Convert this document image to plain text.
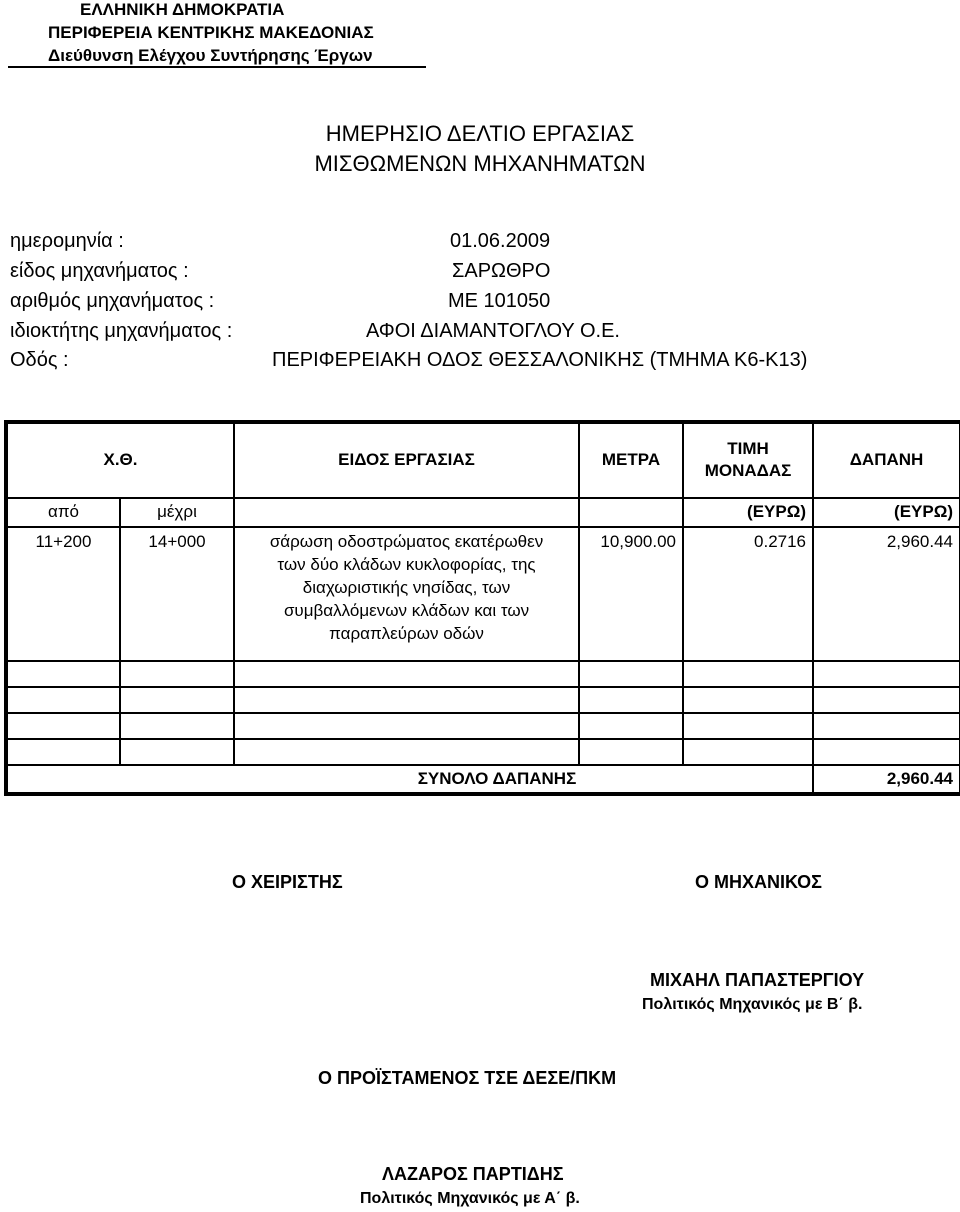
ΕΛΛΗΝΙΚΗ ΔΗΜΟΚΡΑΤΙΑ
ΠΕΡΙΦΕΡΕΙΑ ΚΕΝΤΡΙΚΗΣ ΜΑΚΕΔΟΝΙΑΣ
Διεύθυνση Ελέγχου Συντήρησης Έργων
ΗΜΕΡΗΣΙΟ ΔΕΛΤΙΟ ΕΡΓΑΣΙΑΣ
ΜΙΣΘΩΜΕΝΩΝ ΜΗΧΑΝΗΜΑΤΩΝ
ημερομηνία :	01.06.2009
είδος μηχανήματος :	ΣΑΡΩΘΡΟ
αριθμός μηχανήματος :	ΜΕ 101050
ιδιοκτήτης μηχανήματος :	ΑΦΟΙ ΔΙΑΜΑΝΤΟΓΛΟΥ Ο.Ε.
Οδός :	ΠΕΡΙΦΕΡΕΙΑΚΗ ΟΔΟΣ ΘΕΣΣΑΛΟΝΙΚΗΣ (ΤΜΗΜΑ Κ6-Κ13)
Χ.Θ.		ΕΙΔΟΣ ΕΡΓΑΣΙΑΣ	ΜΕΤΡΑ	ΤΙΜΗ
ΜΟΝΑΔΑΣ	ΔΑΠΑΝΗ
από	μέχρι			(ΕΥΡΩ)	(ΕΥΡΩ)
11+200	14+000	σάρωση οδοστρώματος εκατέρωθεν
των δύο κλάδων κυκλοφορίας, της
διαχωριστικής νησίδας, των
συμβαλλόμενων κλάδων και των
παραπλεύρων οδών	10,900.00	0.2716	2,960.44

ΣΥΝΟΛΟ ΔΑΠΑΝΗΣ					2,960.44
Ο ΧΕΙΡΙΣΤΗΣ	Ο ΜΗΧΑΝΙΚΟΣ
ΜΙΧΑΗΛ ΠΑΠΑΣΤΕΡΓΙΟΥ
Πολιτικός Μηχανικός με Β΄ β.
Ο ΠΡΟΪΣΤΑΜΕΝΟΣ ΤΣΕ ΔΕΣΕ/ΠΚΜ
ΛΑΖΑΡΟΣ ΠΑΡΤΙΔΗΣ
Πολιτικός Μηχανικός με Α΄ β.
